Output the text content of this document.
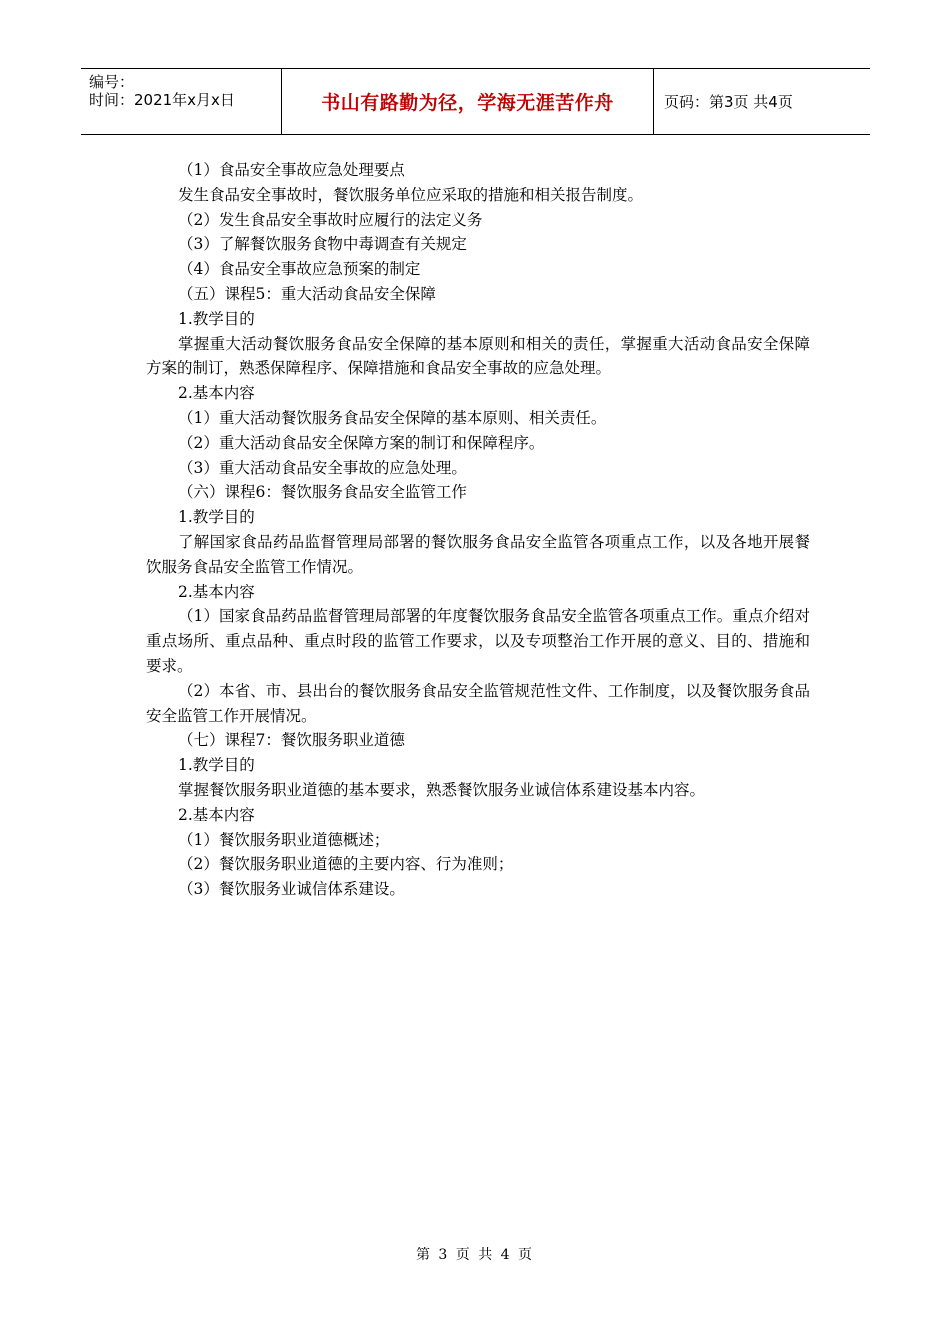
编号：
时间：2021年x月x日	书山有路勤为径，学海无涯苦作舟	页码：第3页 共4页

（1）食品安全事故应急处理要点

发生食品安全事故时，餐饮服务单位应采取的措施和相关报告制度。

（2）发生食品安全事故时应履行的法定义务

（3）了解餐饮服务食物中毒调查有关规定

（4）食品安全事故应急预案的制定

（五）课程5：重大活动食品安全保障

1.教学目的

掌握重大活动餐饮服务食品安全保障的基本原则和相关的责任，掌握重大活动食品安全保障方案的制订，熟悉保障程序、保障措施和食品安全事故的应急处理。

2.基本内容

（1）重大活动餐饮服务食品安全保障的基本原则、相关责任。

（2）重大活动食品安全保障方案的制订和保障程序。

（3）重大活动食品安全事故的应急处理。

（六）课程6：餐饮服务食品安全监管工作

1.教学目的

了解国家食品药品监督管理局部署的餐饮服务食品安全监管各项重点工作，以及各地开展餐饮服务食品安全监管工作情况。

2.基本内容

（1）国家食品药品监督管理局部署的年度餐饮服务食品安全监管各项重点工作。重点介绍对重点场所、重点品种、重点时段的监管工作要求，以及专项整治工作开展的意义、目的、措施和要求。

（2）本省、市、县出台的餐饮服务食品安全监管规范性文件、工作制度，以及餐饮服务食品安全监管工作开展情况。

（七）课程7：餐饮服务职业道德

1.教学目的

掌握餐饮服务职业道德的基本要求，熟悉餐饮服务业诚信体系建设基本内容。

2.基本内容

（1）餐饮服务职业道德概述；

（2）餐饮服务职业道德的主要内容、行为准则；

（3）餐饮服务业诚信体系建设。

第 3 页 共 4 页
